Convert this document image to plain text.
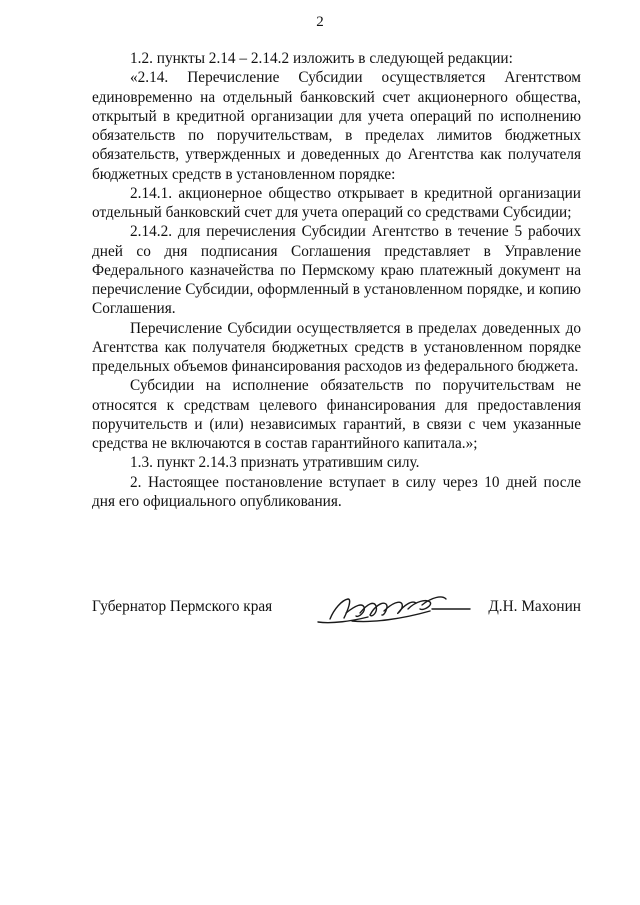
2

1.2. пункты 2.14 – 2.14.2 изложить в следующей редакции:

«2.14. Перечисление Субсидии осуществляется Агентством единовременно на отдельный банковский счет акционерного общества, открытый в кредитной организации для учета операций по исполнению обязательств по поручительствам, в пределах лимитов бюджетных обязательств, утвержденных и доведенных до Агентства как получателя бюджетных средств в установленном порядке:

2.14.1. акционерное общество открывает в кредитной организации отдельный банковский счет для учета операций со средствами Субсидии;

2.14.2. для перечисления Субсидии Агентство в течение 5 рабочих дней со дня подписания Соглашения представляет в Управление Федерального казначейства по Пермскому краю платежный документ на перечисление Субсидии, оформленный в установленном порядке, и копию Соглашения.

Перечисление Субсидии осуществляется в пределах доведенных до Агентства как получателя бюджетных средств в установленном порядке предельных объемов финансирования расходов из федерального бюджета.

Субсидии на исполнение обязательств по поручительствам не относятся к средствам целевого финансирования для предоставления поручительств и (или) независимых гарантий, в связи с чем указанные средства не включаются в состав гарантийного капитала.»;

1.3. пункт 2.14.3 признать утратившим силу.

2. Настоящее постановление вступает в силу через 10 дней после дня его официального опубликования.

Губернатор Пермского края	Д.Н. Махонин
